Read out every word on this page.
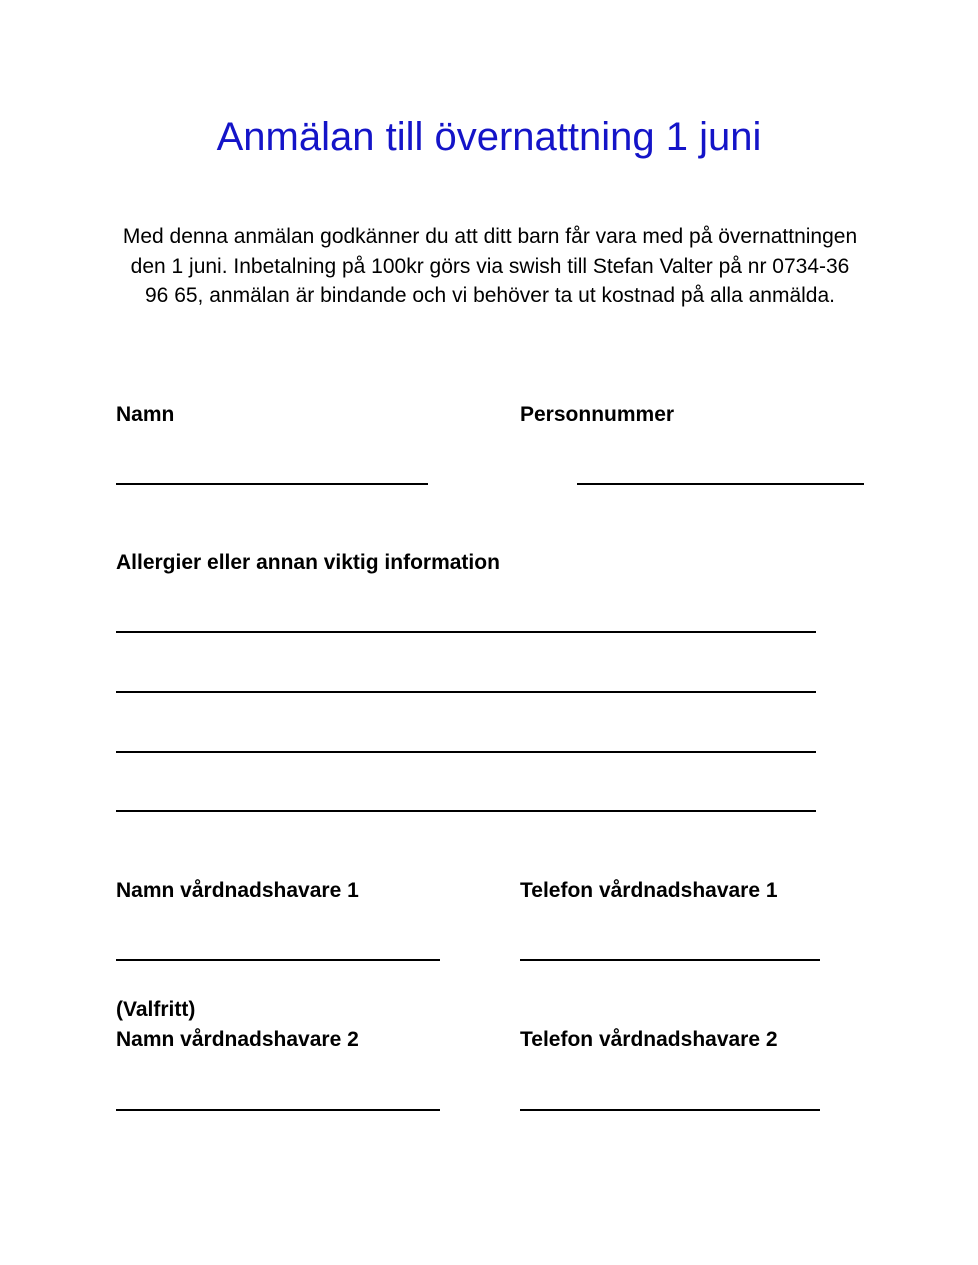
Anmälan till övernattning 1 juni

Med denna anmälan godkänner du att ditt barn får vara med på övernattningen den 1 juni. Inbetalning på 100kr görs via swish till Stefan Valter på nr 0734-36 96 65, anmälan är bindande och vi behöver ta ut kostnad på alla anmälda.

Namn	Personnummer
Allergier eller annan viktig information
Namn vårdnadshavare 1	Telefon vårdnadshavare 1
(Valfritt)
Namn vårdnadshavare 2	Telefon vårdnadshavare 2
